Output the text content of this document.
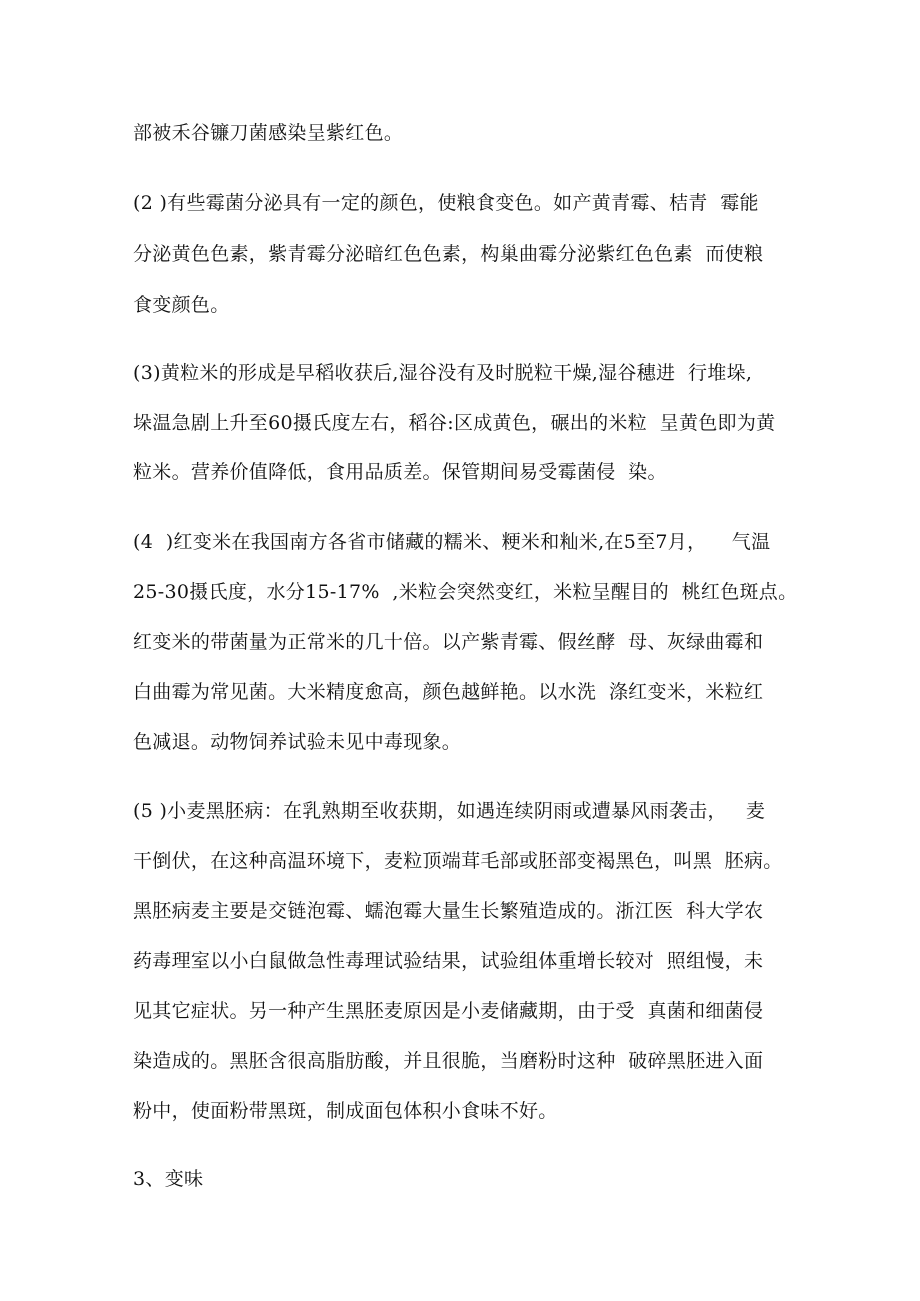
部被禾谷镰刀菌感染呈紫红色。
(2 )有些霉菌分泌具有一定的颜色，使粮食变色。如产黄青霉、桔青  霉能
分泌黄色色素，紫青霉分泌暗红色色素，构巢曲霉分泌紫红色色素  而使粮
食变颜色。
(3)黄粒米的形成是早稻收获后,湿谷没有及时脱粒干燥,湿谷穗进  行堆垛,
垛温急剧上升至60摄氏度左右，稻谷:区成黄色，碾出的米粒  呈黄色即为黄
粒米。营养价值降低，食用品质差。保管期间易受霉菌侵  染。
(4  )红变米在我国南方各省市储藏的糯米、粳米和籼米,在5至7月，    气温
25-30摄氏度，水分15-17%  ,米粒会突然变红，米粒呈醒目的  桃红色斑点。
红变米的带菌量为正常米的几十倍。以产紫青霉、假丝酵  母、灰绿曲霉和
白曲霉为常见菌。大米精度愈高，颜色越鲜艳。以水洗  涤红变米，米粒红
色减退。动物饲养试验未见中毒现象。
(5 )小麦黑胚病：在乳熟期至收获期，如遇连续阴雨或遭暴风雨袭击，   麦
干倒伏，在这种高温环境下，麦粒顶端茸毛部或胚部变褐黑色，叫黑  胚病。
黑胚病麦主要是交链泡霉、蠕泡霉大量生长繁殖造成的。浙江医  科大学农
药毒理室以小白鼠做急性毒理试验结果，试验组体重增长较对  照组慢，未
见其它症状。另一种产生黑胚麦原因是小麦储藏期，由于受  真菌和细菌侵
染造成的。黑胚含很高脂肪酸，并且很脆，当磨粉时这种  破碎黑胚进入面
粉中，使面粉带黑斑，制成面包体积小食味不好。
3、变味
